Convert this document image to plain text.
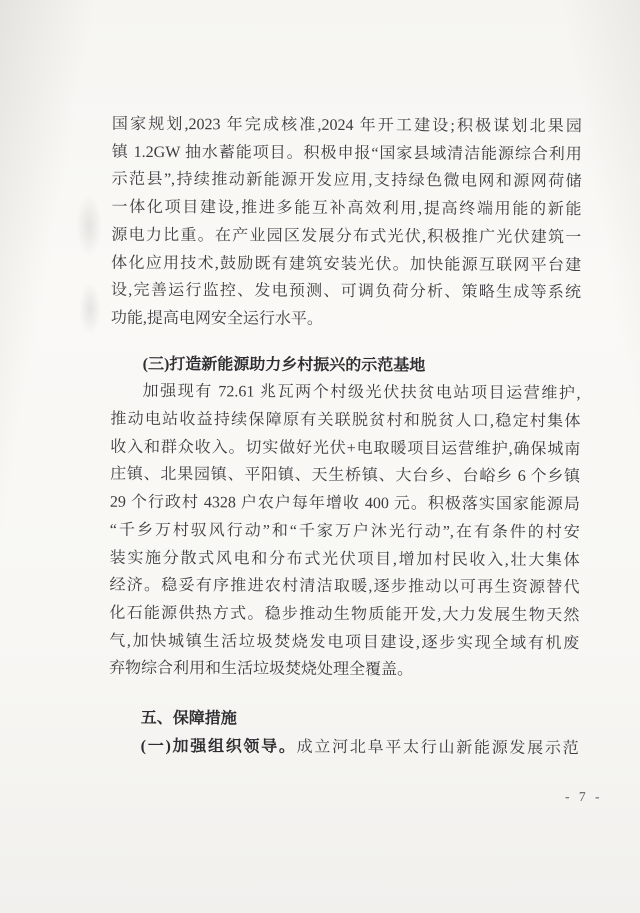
国家规划,2023 年完成核准,2024 年开工建设;积极谋划北果园
镇 1.2GW 抽水蓄能项目。积极申报“国家县域清洁能源综合利用
示范县”,持续推动新能源开发应用,支持绿色微电网和源网荷储
一体化项目建设,推进多能互补高效利用,提高终端用能的新能
源电力比重。在产业园区发展分布式光伏,积极推广光伏建筑一
体化应用技术,鼓励既有建筑安装光伏。加快能源互联网平台建
设,完善运行监控、发电预测、可调负荷分析、策略生成等系统
功能,提高电网安全运行水平。
(三)打造新能源助力乡村振兴的示范基地
加强现有 72.61 兆瓦两个村级光伏扶贫电站项目运营维护,
推动电站收益持续保障原有关联脱贫村和脱贫人口,稳定村集体
收入和群众收入。切实做好光伏+电取暖项目运营维护,确保城南
庄镇、北果园镇、平阳镇、天生桥镇、大台乡、台峪乡 6 个乡镇
29 个行政村 4328 户农户每年增收 400 元。积极落实国家能源局
“千乡万村驭风行动”和“千家万户沐光行动”,在有条件的村安
装实施分散式风电和分布式光伏项目,增加村民收入,壮大集体
经济。稳妥有序推进农村清洁取暖,逐步推动以可再生资源替代
化石能源供热方式。稳步推动生物质能开发,大力发展生物天然
气,加快城镇生活垃圾焚烧发电项目建设,逐步实现全域有机废
弃物综合利用和生活垃圾焚烧处理全覆盖。
五、保障措施
(一)加强组织领导。成立河北阜平太行山新能源发展示范
- 7 -
